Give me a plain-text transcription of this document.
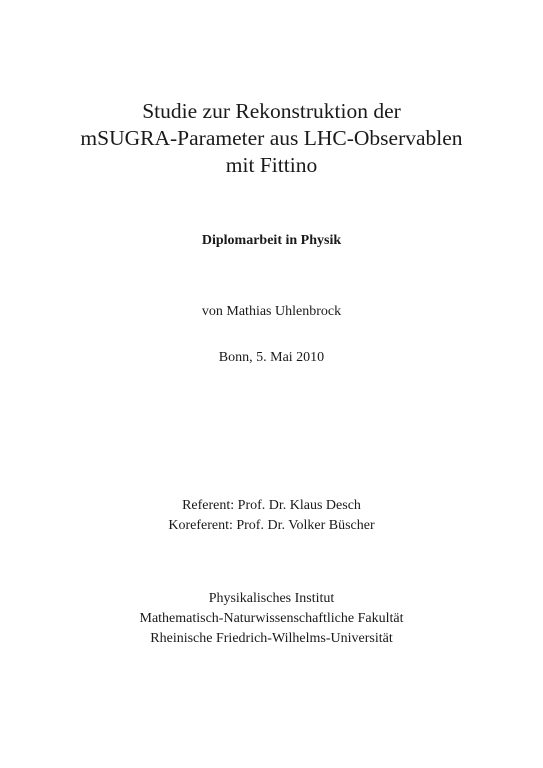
Studie zur Rekonstruktion der
mSUGRA-Parameter aus LHC-Observablen
mit Fittino
Diplomarbeit in Physik
von Mathias Uhlenbrock
Bonn, 5. Mai 2010
Referent: Prof. Dr. Klaus Desch
Koreferent: Prof. Dr. Volker Büscher
Physikalisches Institut
Mathematisch-Naturwissenschaftliche Fakultät
Rheinische Friedrich-Wilhelms-Universität
